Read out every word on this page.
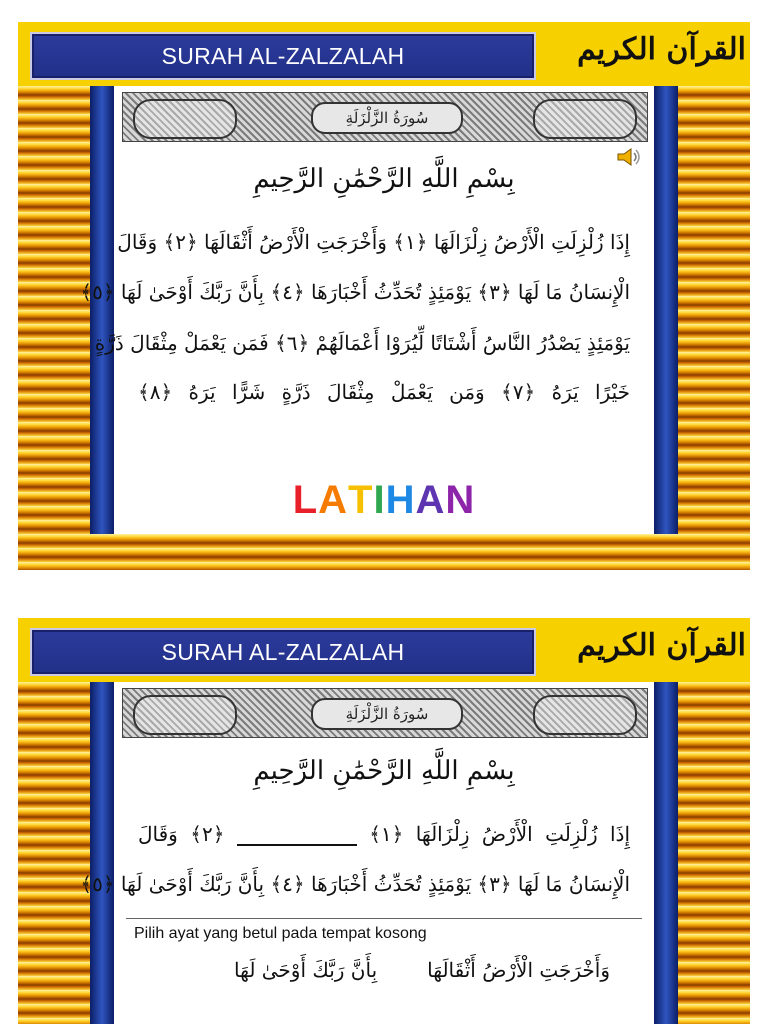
SURAH AL-ZALZALAH	القرآن الكريم
سُورَةُ الزَّلْزَلَةِ
بِسْمِ اللَّهِ الرَّحْمَٰنِ الرَّحِيمِ
إِذَا زُلْزِلَتِ الْأَرْضُ زِلْزَالَهَا ﴿١﴾ وَأَخْرَجَتِ الْأَرْضُ أَثْقَالَهَا ﴿٢﴾ وَقَالَ
الْإِنسَانُ مَا لَهَا ﴿٣﴾ يَوْمَئِذٍ تُحَدِّثُ أَخْبَارَهَا ﴿٤﴾ بِأَنَّ رَبَّكَ أَوْحَىٰ لَهَا ﴿٥﴾
يَوْمَئِذٍ يَصْدُرُ النَّاسُ أَشْتَاتًا لِّيُرَوْا أَعْمَالَهُمْ ﴿٦﴾ فَمَن يَعْمَلْ مِثْقَالَ ذَرَّةٍ
خَيْرًا يَرَهُ ﴿٧﴾ وَمَن يَعْمَلْ مِثْقَالَ ذَرَّةٍ شَرًّا يَرَهُ ﴿٨﴾
LATIHAN
SURAH AL-ZALZALAH	القرآن الكريم
سُورَةُ الزَّلْزَلَةِ
بِسْمِ اللَّهِ الرَّحْمَٰنِ الرَّحِيمِ
إِذَا زُلْزِلَتِ الْأَرْضُ زِلْزَالَهَا ﴿١﴾  ﴿٢﴾ وَقَالَ
الْإِنسَانُ مَا لَهَا ﴿٣﴾ يَوْمَئِذٍ تُحَدِّثُ أَخْبَارَهَا ﴿٤﴾ بِأَنَّ رَبَّكَ أَوْحَىٰ لَهَا ﴿٥﴾
Pilih ayat yang betul pada tempat kosong
وَأَخْرَجَتِ الْأَرْضُ أَثْقَالَهَا
بِأَنَّ رَبَّكَ أَوْحَىٰ لَهَا
